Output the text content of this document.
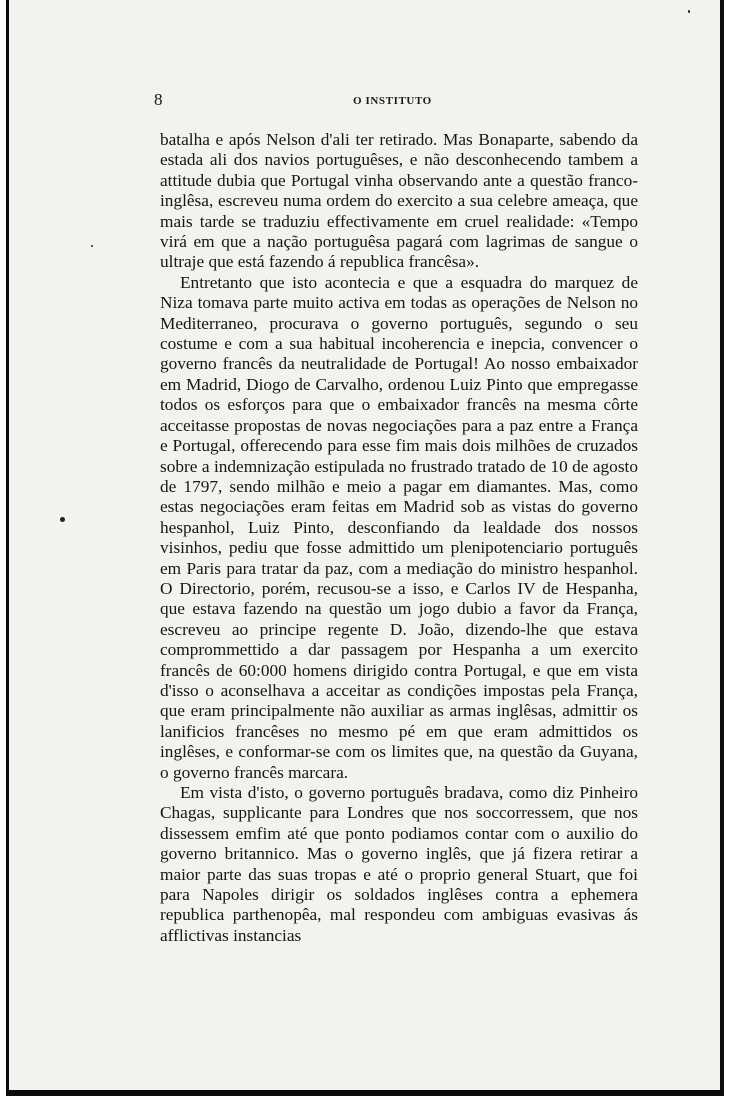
8	O INSTITUTO

batalha e após Nelson d'ali ter retirado. Mas Bonaparte, sabendo da estada ali dos navios portuguêses, e não desconhecendo tambem a attitude dubia que Portugal vinha observando ante a questão franco-inglêsa, escreveu numa ordem do exercito a sua celebre ameaça, que mais tarde se traduziu effectivamente em cruel realidade: «Tempo virá em que a nação portuguêsa pagará com lagrimas de sangue o ultraje que está fazendo á republica francêsa».

Entretanto que isto acontecia e que a esquadra do marquez de Niza tomava parte muito activa em todas as operações de Nelson no Mediterraneo, procurava o governo português, segundo o seu costume e com a sua habitual incoherencia e inepcia, convencer o governo francês da neutralidade de Portugal! Ao nosso embaixador em Madrid, Diogo de Carvalho, ordenou Luiz Pinto que empregasse todos os esforços para que o embaixador francês na mesma côrte acceitasse propostas de novas negociações para a paz entre a França e Portugal, offerecendo para esse fim mais dois milhões de cruzados sobre a indemnização estipulada no frustrado tratado de 10 de agosto de 1797, sendo milhão e meio a pagar em diamantes. Mas, como estas negociações eram feitas em Madrid sob as vistas do governo hespanhol, Luiz Pinto, desconfiando da lealdade dos nossos visinhos, pediu que fosse admittido um plenipotenciario português em Paris para tratar da paz, com a mediação do ministro hespanhol. O Directorio, porém, recusou-se a isso, e Carlos IV de Hespanha, que estava fazendo na questão um jogo dubio a favor da França, escreveu ao principe regente D. João, dizendo-lhe que estava comprommettido a dar passagem por Hespanha a um exercito francês de 60:000 homens dirigido contra Portugal, e que em vista d'isso o aconselhava a acceitar as condições impostas pela França, que eram principalmente não auxiliar as armas inglêsas, admittir os lanificios francêses no mesmo pé em que eram admittidos os inglêses, e conformar-se com os limites que, na questão da Guyana, o governo francês marcara.

Em vista d'isto, o governo português bradava, como diz Pinheiro Chagas, supplicante para Londres que nos soccorressem, que nos dissessem emfim até que ponto podiamos contar com o auxilio do governo britannico. Mas o governo inglês, que já fizera retirar a maior parte das suas tropas e até o proprio general Stuart, que foi para Napoles dirigir os soldados inglêses contra a ephemera republica parthenopêa, mal respondeu com ambiguas evasivas ás afflictivas instancias
